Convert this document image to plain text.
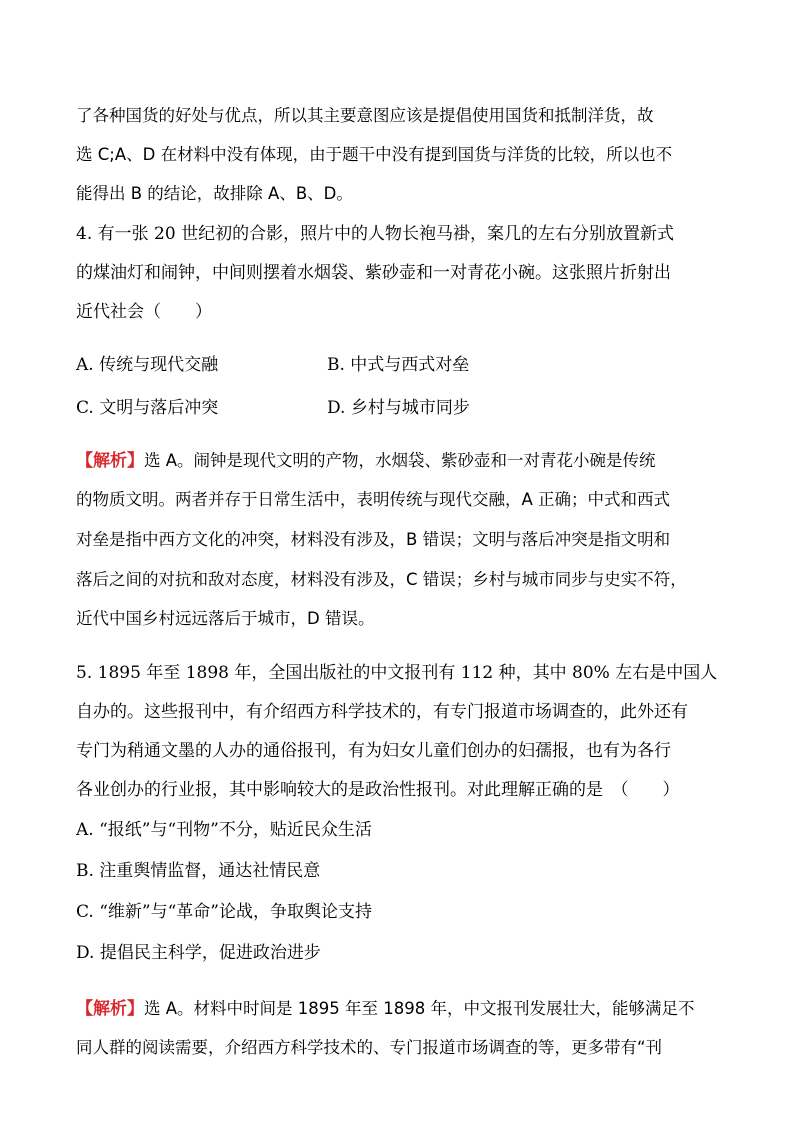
了各种国货的好处与优点，所以其主要意图应该是提倡使用国货和抵制洋货，故
选 C;A、D 在材料中没有体现，由于题干中没有提到国货与洋货的比较，所以也不
能得出 B 的结论，故排除 A、B、D。
4. 有一张 20 世纪初的合影，照片中的人物长袍马褂，案几的左右分别放置新式
的煤油灯和闹钟，中间则摆着水烟袋、紫砂壶和一对青花小碗。这张照片折射出
近代社会（　　）
A. 传统与现代交融	B. 中式与西式对垒
C. 文明与落后冲突	D. 乡村与城市同步
【解析】选 A。闹钟是现代文明的产物，水烟袋、紫砂壶和一对青花小碗是传统
的物质文明。两者并存于日常生活中，表明传统与现代交融，A 正确；中式和西式
对垒是指中西方文化的冲突，材料没有涉及，B 错误；文明与落后冲突是指文明和
落后之间的对抗和敌对态度，材料没有涉及，C 错误；乡村与城市同步与史实不符，
近代中国乡村远远落后于城市，D 错误。
5. 1895 年至 1898 年，全国出版社的中文报刊有 112 种，其中 80% 左右是中国人
自办的。这些报刊中，有介绍西方科学技术的，有专门报道市场调查的，此外还有
专门为稍通文墨的人办的通俗报刊，有为妇女儿童们创办的妇孺报，也有为各行
各业创办的行业报，其中影响较大的是政治性报刊。对此理解正确的是　（　　）
A. “报纸”与“刊物”不分，贴近民众生活
B. 注重舆情监督，通达社情民意
C. “维新”与“革命”论战，争取舆论支持
D. 提倡民主科学，促进政治进步
【解析】选 A。材料中时间是 1895 年至 1898 年，中文报刊发展壮大，能够满足不
同人群的阅读需要，介绍西方科学技术的、专门报道市场调查的等，更多带有“刊
